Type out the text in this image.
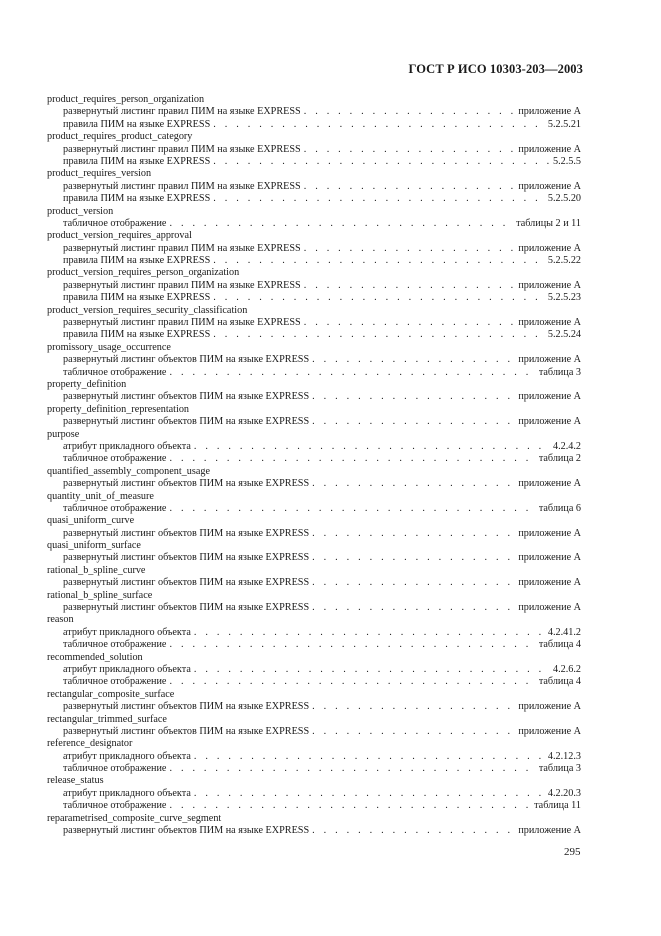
ГОСТ Р ИСО 10303-203—2003
product_requires_person_organization
развернутый листинг правил ПИМ на языке EXPRESS . . .	приложение А
правила ПИМ на языке EXPRESS . . .	5.2.5.21
product_requires_product_category
развернутый листинг правил ПИМ на языке EXPRESS . . .	приложение А
правила ПИМ на языке EXPRESS . . .	5.2.5.5
product_requires_version
развернутый листинг правил ПИМ на языке EXPRESS . . .	приложение А
правила ПИМ на языке EXPRESS . . .	5.2.5.20
product_version
табличное отображение . . .	таблицы 2 и 11
product_version_requires_approval
развернутый листинг правил ПИМ на языке EXPRESS . . .	приложение А
правила ПИМ на языке EXPRESS . . .	5.2.5.22
product_version_requires_person_organization
развернутый листинг правил ПИМ на языке EXPRESS . . .	приложение А
правила ПИМ на языке EXPRESS . . .	5.2.5.23
product_version_requires_security_classification
развернутый листинг правил ПИМ на языке EXPRESS . . .	приложение А
правила ПИМ на языке EXPRESS . . .	5.2.5.24
promissory_usage_occurrence
развернутый листинг объектов ПИМ на языке EXPRESS . . .	приложение А
табличное отображение . . .	таблица 3
property_definition
развернутый листинг объектов ПИМ на языке EXPRESS . . .	приложение А
property_definition_representation
развернутый листинг объектов ПИМ на языке EXPRESS . . .	приложение А
purpose
атрибут прикладного объекта . . .	4.2.4.2
табличное отображение . . .	таблица 2
quantified_assembly_component_usage
развернутый листинг объектов ПИМ на языке EXPRESS . . .	приложение А
quantity_unit_of_measure
табличное отображение . . .	таблица 6
quasi_uniform_curve
развернутый листинг объектов ПИМ на языке EXPRESS . . .	приложение А
quasi_uniform_surface
развернутый листинг объектов ПИМ на языке EXPRESS . . .	приложение А
rational_b_spline_curve
развернутый листинг объектов ПИМ на языке EXPRESS . . .	приложение А
rational_b_spline_surface
развернутый листинг объектов ПИМ на языке EXPRESS . . .	приложение А
reason
атрибут прикладного объекта . . .	4.2.41.2
табличное отображение . . .	таблица 4
recommended_solution
атрибут прикладного объекта . . .	4.2.6.2
табличное отображение . . .	таблица 4
rectangular_composite_surface
развернутый листинг объектов ПИМ на языке EXPRESS . . .	приложение А
rectangular_trimmed_surface
развернутый листинг объектов ПИМ на языке EXPRESS . . .	приложение А
reference_designator
атрибут прикладного объекта . . .	4.2.12.3
табличное отображение . . .	таблица 3
release_status
атрибут прикладного объекта . . .	4.2.20.3
табличное отображение . . .	таблица 11
reparametrised_composite_curve_segment
развернутый листинг объектов ПИМ на языке EXPRESS . . .	приложение А
295
